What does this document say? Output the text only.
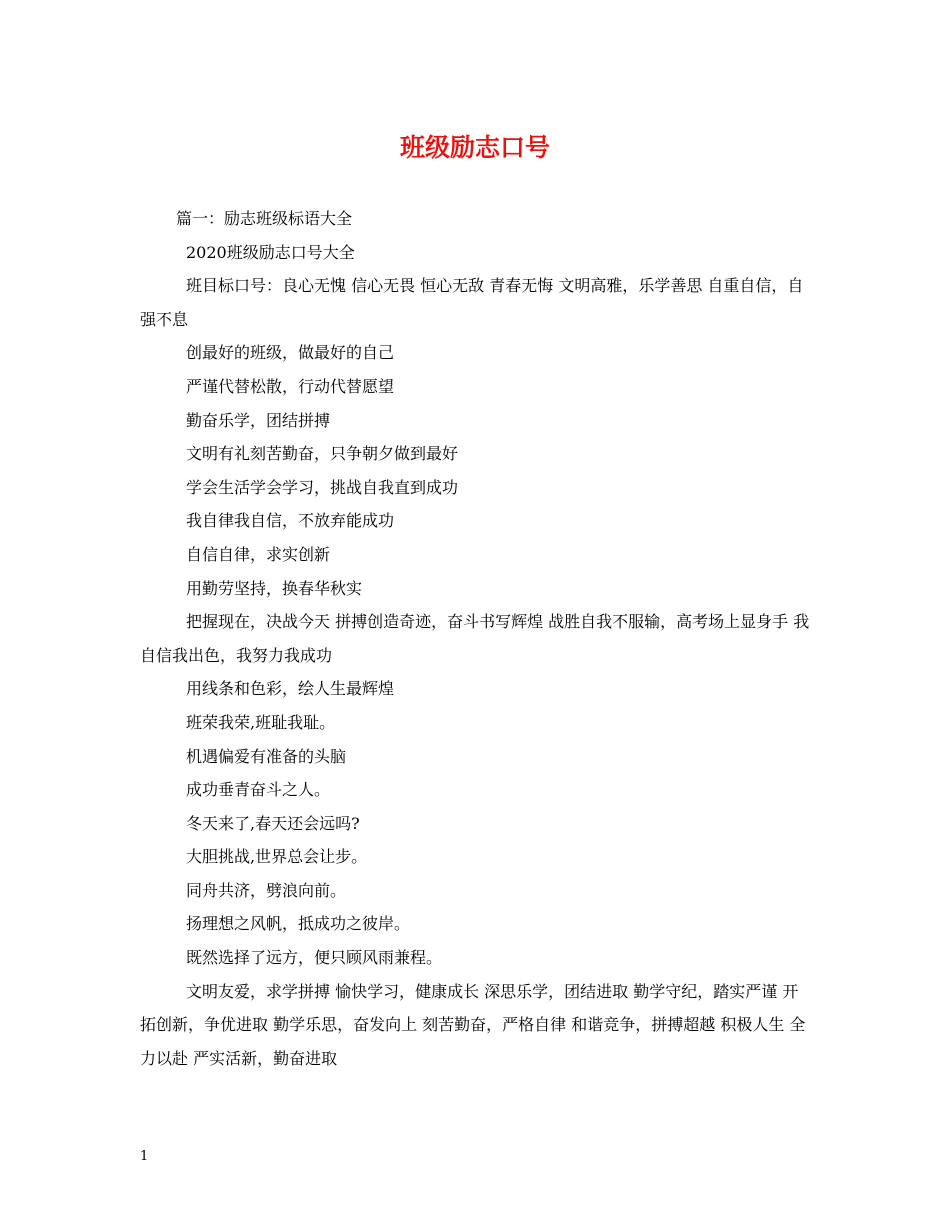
班级励志口号

篇一：励志班级标语大全

2020班级励志口号大全

班目标口号：良心无愧 信心无畏 恒心无敌 青春无悔 文明高雅，乐学善思 自重自信，自强不息

创最好的班级，做最好的自己

严谨代替松散，行动代替愿望

勤奋乐学，团结拼搏

文明有礼刻苦勤奋，只争朝夕做到最好

学会生活学会学习，挑战自我直到成功

我自律我自信，不放弃能成功

自信自律，求实创新

用勤劳坚持，换春华秋实

把握现在，决战今天 拼搏创造奇迹，奋斗书写辉煌 战胜自我不服输，高考场上显身手 我自信我出色，我努力我成功

用线条和色彩，绘人生最辉煌

班荣我荣,班耻我耻。

机遇偏爱有准备的头脑

成功垂青奋斗之人。

冬天来了,春天还会远吗?

大胆挑战,世界总会让步。

同舟共济，劈浪向前。

扬理想之风帆，抵成功之彼岸。

既然选择了远方，便只顾风雨兼程。

文明友爱，求学拼搏 愉快学习，健康成长 深思乐学，团结进取 勤学守纪，踏实严谨 开拓创新，争优进取 勤学乐思，奋发向上 刻苦勤奋，严格自律 和谐竞争，拼搏超越 积极人生 全力以赴 严实活新，勤奋进取

1
